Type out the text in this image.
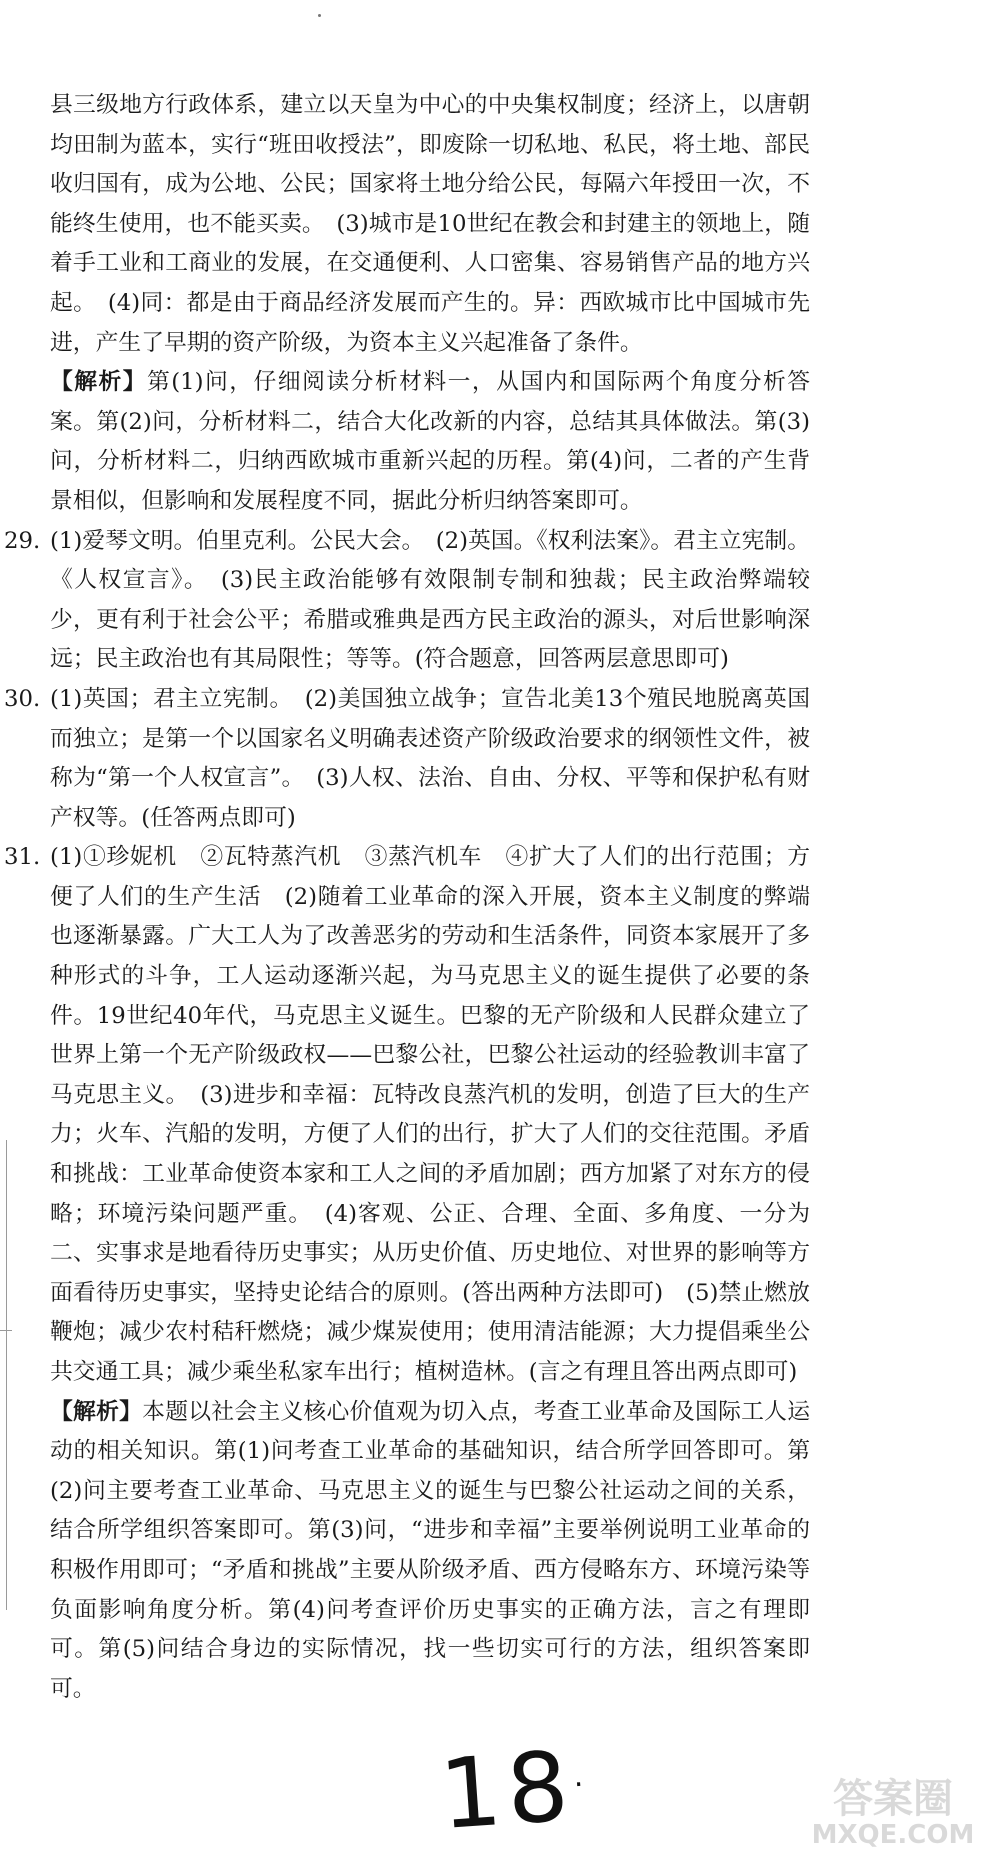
县三级地方行政体系，建立以天皇为中心的中央集权制度；经济上，以唐朝均田制为蓝本，实行“班田收授法”，即废除一切私地、私民，将土地、部民收归国有，成为公地、公民；国家将土地分给公民，每隔六年授田一次，不能终生使用，也不能买卖。　(3)城市是10世纪在教会和封建主的领地上，随着手工业和工商业的发展，在交通便利、人口密集、容易销售产品的地方兴起。　(4)同：都是由于商品经济发展而产生的。异：西欧城市比中国城市先进，产生了早期的资产阶级，为资本主义兴起准备了条件。

【解析】第(1)问，仔细阅读分析材料一，从国内和国际两个角度分析答案。第(2)问，分析材料二，结合大化改新的内容，总结其具体做法。第(3)问，分析材料二，归纳西欧城市重新兴起的历程。第(4)问，二者的产生背景相似，但影响和发展程度不同，据此分析归纳答案即可。

29. (1)爱琴文明。伯里克利。公民大会。　(2)英国。《权利法案》。君主立宪制。《人权宣言》。　(3)民主政治能够有效限制专制和独裁；民主政治弊端较少，更有利于社会公平；希腊或雅典是西方民主政治的源头，对后世影响深远；民主政治也有其局限性；等等。(符合题意，回答两层意思即可)
30. (1)英国；君主立宪制。　(2)美国独立战争；宣告北美13个殖民地脱离英国而独立；是第一个以国家名义明确表述资产阶级政治要求的纲领性文件，被称为“第一个人权宣言”。　(3)人权、法治、自由、分权、平等和保护私有财产权等。(任答两点即可)
31. (1)①珍妮机　②瓦特蒸汽机　③蒸汽机车　④扩大了人们的出行范围；方便了人们的生产生活　(2)随着工业革命的深入开展，资本主义制度的弊端也逐渐暴露。广大工人为了改善恶劣的劳动和生活条件，同资本家展开了多种形式的斗争，工人运动逐渐兴起，为马克思主义的诞生提供了必要的条件。19世纪40年代，马克思主义诞生。巴黎的无产阶级和人民群众建立了世界上第一个无产阶级政权——巴黎公社，巴黎公社运动的经验教训丰富了马克思主义。　(3)进步和幸福：瓦特改良蒸汽机的发明，创造了巨大的生产力；火车、汽船的发明，方便了人们的出行，扩大了人们的交往范围。矛盾和挑战：工业革命使资本家和工人之间的矛盾加剧；西方加紧了对东方的侵略；环境污染问题严重。　(4)客观、公正、合理、全面、多角度、一分为二、实事求是地看待历史事实；从历史价值、历史地位、对世界的影响等方面看待历史事实，坚持史论结合的原则。(答出两种方法即可)　(5)禁止燃放鞭炮；减少农村秸秆燃烧；减少煤炭使用；使用清洁能源；大力提倡乘坐公共交通工具；减少乘坐私家车出行；植树造林。(言之有理且答出两点即可)

【解析】本题以社会主义核心价值观为切入点，考查工业革命及国际工人运动的相关知识。第(1)问考查工业革命的基础知识，结合所学回答即可。第(2)问主要考查工业革命、马克思主义的诞生与巴黎公社运动之间的关系，结合所学组织答案即可。第(3)问，“进步和幸福”主要举例说明工业革命的积极作用即可；“矛盾和挑战”主要从阶级矛盾、西方侵略东方、环境污染等负面影响角度分析。第(4)问考查评价历史事实的正确方法，言之有理即可。第(5)问结合身边的实际情况，找一些切实可行的方法，组织答案即可。

18·	答案圈
MXQE.COM
